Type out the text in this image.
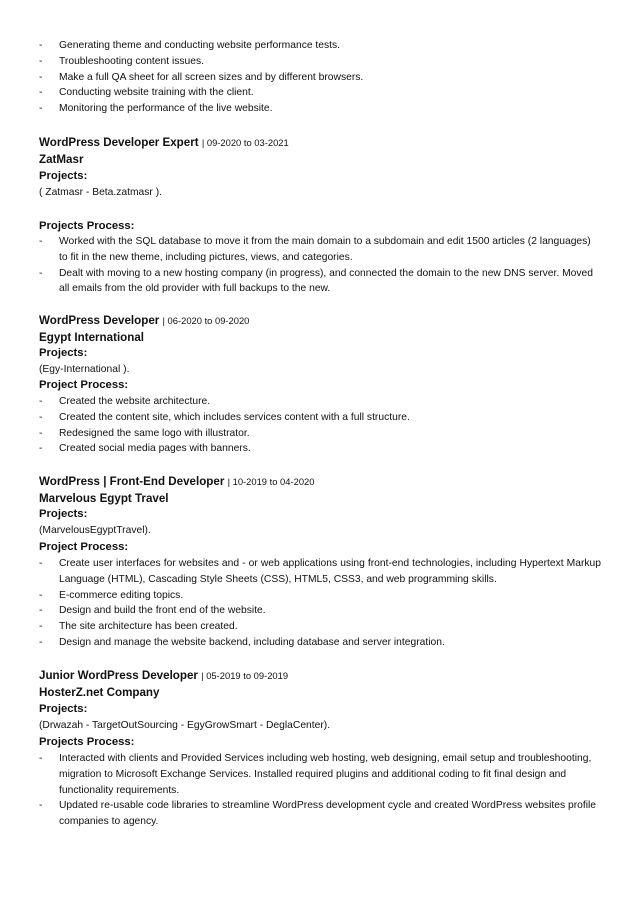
- Generating theme and conducting website performance tests.
- Troubleshooting content issues.
- Make a full QA sheet for all screen sizes and by different browsers.
- Conducting website training with the client.
- Monitoring the performance of the live website.
WordPress Developer Expert | 09-2020 to 03-2021
ZatMasr
Projects:
( Zatmasr - Beta.zatmasr ).
Projects Process:
- Worked with the SQL database to move it from the main domain to a subdomain and edit 1500 articles (2 languages) to fit in the new theme, including pictures, views, and categories.
- Dealt with moving to a new hosting company (in progress), and connected the domain to the new DNS server. Moved all emails from the old provider with full backups to the new.
WordPress Developer | 06-2020 to 09-2020
Egypt International
Projects:
(Egy-International ).
Project Process:
- Created the website architecture.
- Created the content site, which includes services content with a full structure.
- Redesigned the same logo with illustrator.
- Created social media pages with banners.
WordPress | Front-End Developer | 10-2019 to 04-2020
Marvelous Egypt Travel
Projects:
(MarvelousEgyptTravel).
Project Process:
- Create user interfaces for websites and - or web applications using front-end technologies, including Hypertext Markup Language (HTML), Cascading Style Sheets (CSS), HTML5, CSS3, and web programming skills.
- E-commerce editing topics.
- Design and build the front end of the website.
- The site architecture has been created.
- Design and manage the website backend, including database and server integration.
Junior WordPress Developer | 05-2019 to 09-2019
HosterZ.net Company
Projects:
(Drwazah - TargetOutSourcing - EgyGrowSmart - DeglaCenter).
Projects Process:
- Interacted with clients and Provided Services including web hosting, web designing, email setup and troubleshooting, migration to Microsoft Exchange Services. Installed required plugins and additional coding to fit final design and functionality requirements.
- Updated re-usable code libraries to streamline WordPress development cycle and created WordPress websites profile companies to agency.
